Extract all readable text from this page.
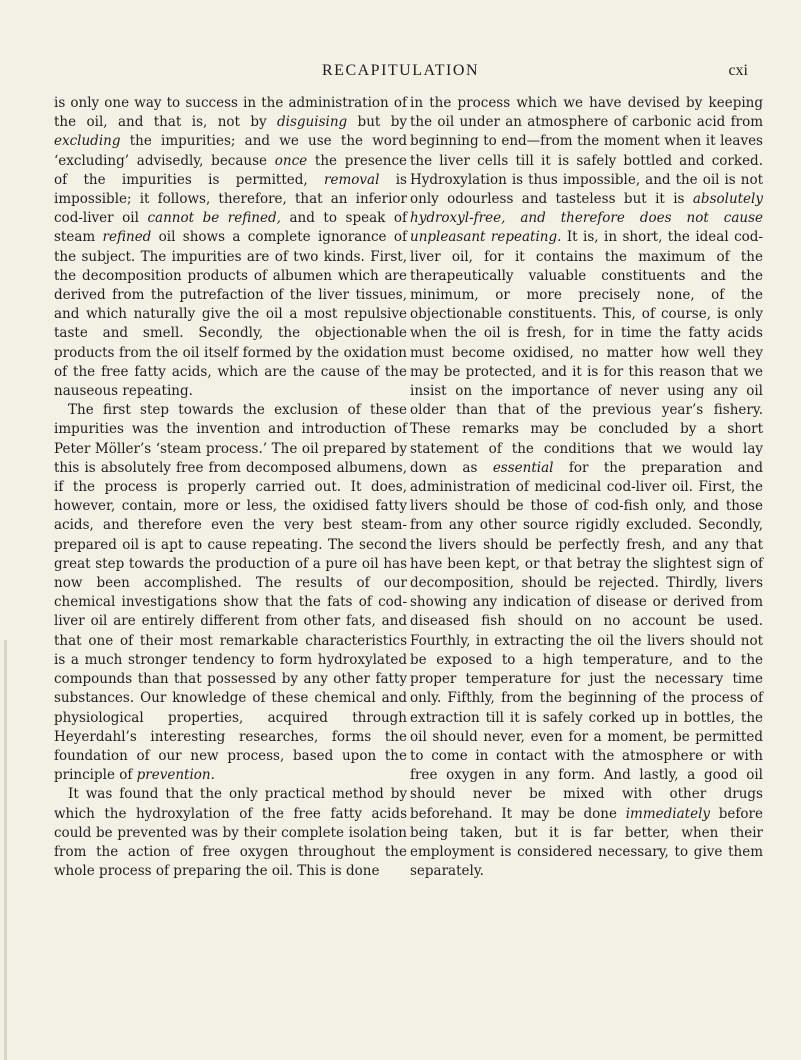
RECAPITULATION	cxi

is only one way to success in the administration of the oil, and that is, not by disguising but by excluding the impurities; and we use the word ‘excluding’ advisedly, because once the presence of the impurities is permitted, removal is impossible; it follows, therefore, that an inferior cod-liver oil cannot be refined, and to speak of steam refined oil shows a complete ignorance of the subject. The impurities are of two kinds. First, the decomposition products of albumen which are derived from the putrefaction of the liver tissues, and which naturally give the oil a most repulsive taste and smell. Secondly, the objectionable products from the oil itself formed by the oxidation of the free fatty acids, which are the cause of the nauseous repeating.

The first step towards the exclusion of these impurities was the invention and introduction of Peter Möller’s ‘steam process.’ The oil prepared by this is absolutely free from decomposed albumens, if the process is properly carried out. It does, however, contain, more or less, the oxidised fatty acids, and therefore even the very best steam-prepared oil is apt to cause repeating. The second great step towards the production of a pure oil has now been accomplished. The results of our chemical investigations show that the fats of cod-liver oil are entirely different from other fats, and that one of their most remarkable characteristics is a much stronger tendency to form hydroxylated compounds than that possessed by any other fatty substances. Our knowledge of these chemical and physiological properties, acquired through Heyerdahl’s interesting researches, forms the foundation of our new process, based upon the principle of prevention.

It was found that the only practical method by which the hydroxylation of the free fatty acids could be prevented was by their complete isolation from the action of free oxygen throughout the whole process of preparing the oil. This is done

in the process which we have devised by keeping the oil under an atmosphere of carbonic acid from beginning to end—from the moment when it leaves the liver cells till it is safely bottled and corked. Hydroxylation is thus impossible, and the oil is not only odourless and tasteless but it is absolutely hydroxyl-free, and therefore does not cause unpleasant repeating. It is, in short, the ideal cod-liver oil, for it contains the maximum of the therapeutically valuable constituents and the minimum, or more precisely none, of the objectionable constituents. This, of course, is only when the oil is fresh, for in time the fatty acids must become oxidised, no matter how well they may be protected, and it is for this reason that we insist on the importance of never using any oil older than that of the previous year’s fishery. These remarks may be concluded by a short statement of the conditions that we would lay down as essential for the preparation and administration of medicinal cod-liver oil. First, the livers should be those of cod-fish only, and those from any other source rigidly excluded. Secondly, the livers should be perfectly fresh, and any that have been kept, or that betray the slightest sign of decomposition, should be rejected. Thirdly, livers showing any indication of disease or derived from diseased fish should on no account be used. Fourthly, in extracting the oil the livers should not be exposed to a high temperature, and to the proper temperature for just the necessary time only. Fifthly, from the beginning of the process of extraction till it is safely corked up in bottles, the oil should never, even for a moment, be permitted to come in contact with the atmosphere or with free oxygen in any form. And lastly, a good oil should never be mixed with other drugs beforehand. It may be done immediately before being taken, but it is far better, when their employment is considered necessary, to give them separately.
